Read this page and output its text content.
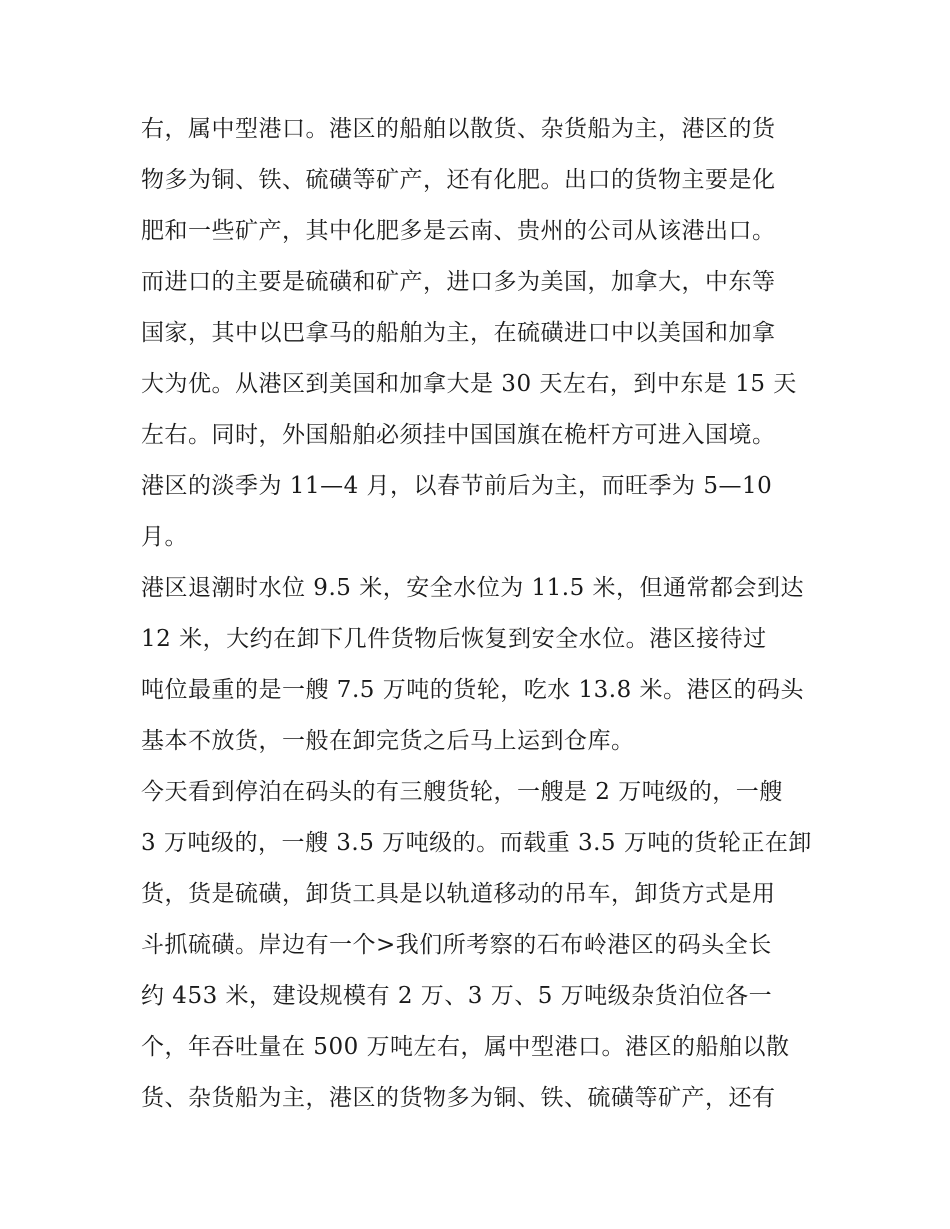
右，属中型港口。港区的船舶以散货、杂货船为主，港区的货
物多为铜、铁、硫磺等矿产，还有化肥。出口的货物主要是化
肥和一些矿产，其中化肥多是云南、贵州的公司从该港出口。
而进口的主要是硫磺和矿产，进口多为美国，加拿大，中东等
国家，其中以巴拿马的船舶为主，在硫磺进口中以美国和加拿
大为优。从港区到美国和加拿大是 30 天左右，到中东是 15 天
左右。同时，外国船舶必须挂中国国旗在桅杆方可进入国境。
港区的淡季为 11—4 月，以春节前后为主，而旺季为 5—10
月。
港区退潮时水位 9.5 米，安全水位为 11.5 米，但通常都会到达
12 米，大约在卸下几件货物后恢复到安全水位。港区接待过
吨位最重的是一艘 7.5 万吨的货轮，吃水 13.8 米。港区的码头
基本不放货，一般在卸完货之后马上运到仓库。
今天看到停泊在码头的有三艘货轮，一艘是 2 万吨级的，一艘
3 万吨级的，一艘 3.5 万吨级的。而载重 3.5 万吨的货轮正在卸
货，货是硫磺，卸货工具是以轨道移动的吊车，卸货方式是用
斗抓硫磺。岸边有一个>我们所考察的石布岭港区的码头全长
约 453 米，建设规模有 2 万、3 万、5 万吨级杂货泊位各一
个，年吞吐量在 500 万吨左右，属中型港口。港区的船舶以散
货、杂货船为主，港区的货物多为铜、铁、硫磺等矿产，还有
